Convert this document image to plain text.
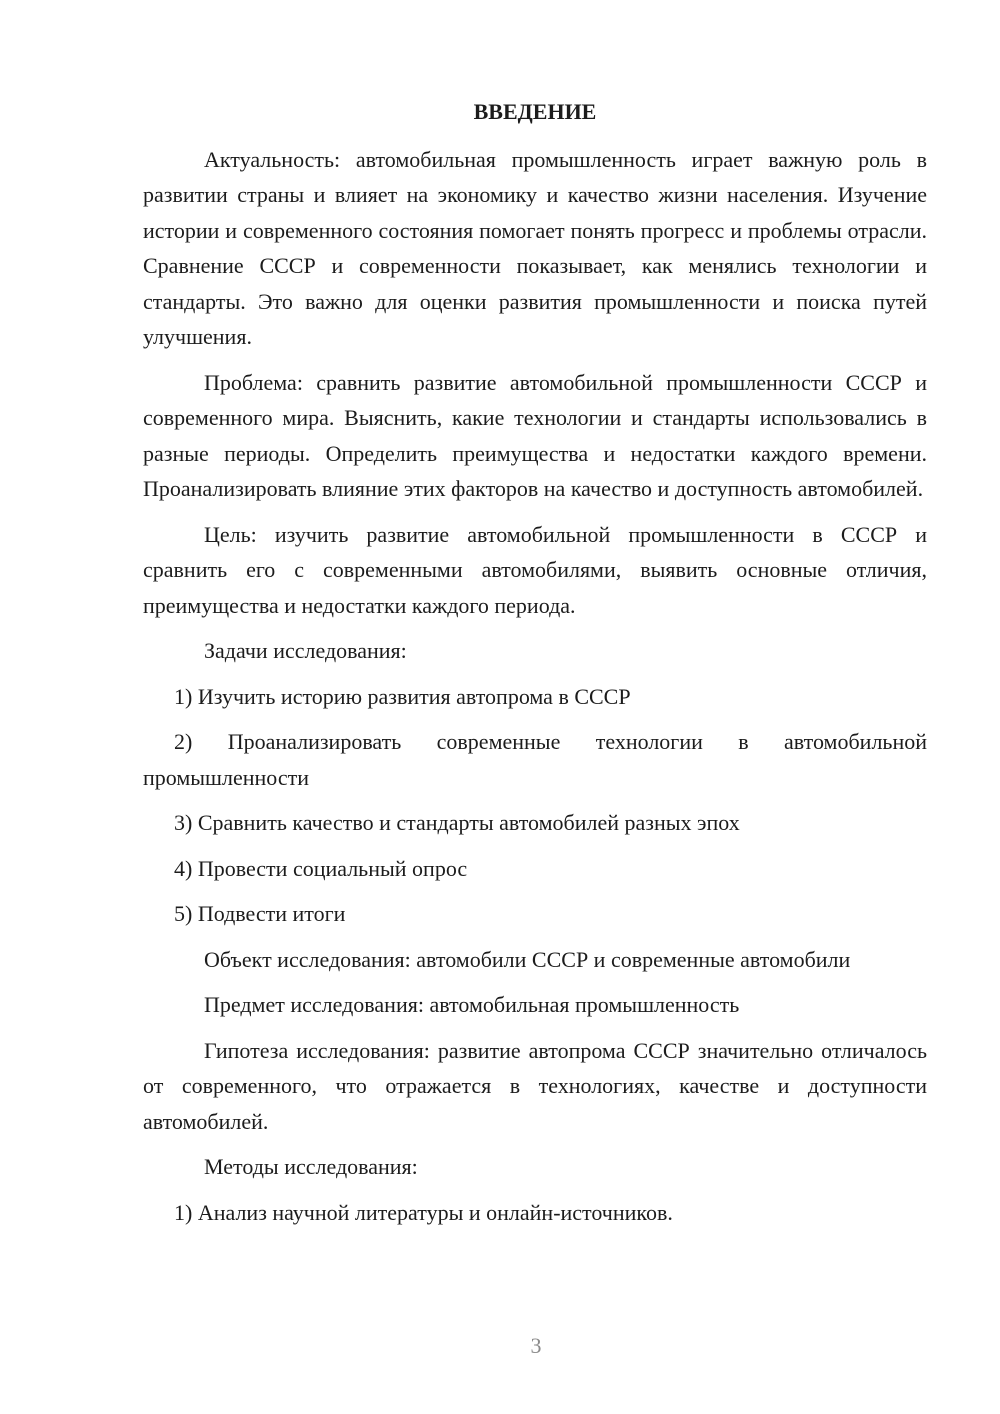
ВВЕДЕНИЕ

Актуальность: автомобильная промышленность играет важную роль в развитии страны и влияет на экономику и качество жизни населения. Изучение истории и современного состояния помогает понять прогресс и проблемы отрасли. Сравнение СССР и современности показывает, как менялись технологии и стандарты. Это важно для оценки развития промышленности и поиска путей улучшения.

Проблема: сравнить развитие автомобильной промышленности СССР и современного мира. Выяснить, какие технологии и стандарты использовались в разные периоды. Определить преимущества и недостатки каждого времени. Проанализировать влияние этих факторов на качество и доступность автомобилей.

Цель: изучить развитие автомобильной промышленности в СССР и сравнить его с современными автомобилями, выявить основные отличия, преимущества и недостатки каждого периода.

Задачи исследования:

1) Изучить историю развития автопрома в СССР

2) Проанализировать современные технологии в автомобильной промышленности

3) Сравнить качество и стандарты автомобилей разных эпох

4) Провести социальный опрос

5) Подвести итоги

Объект исследования: автомобили СССР и современные автомобили

Предмет исследования: автомобильная промышленность

Гипотеза исследования: развитие автопрома СССР значительно отличалось от современного, что отражается в технологиях, качестве и доступности автомобилей.

Методы исследования:

1) Анализ научной литературы и онлайн-источников.

3
